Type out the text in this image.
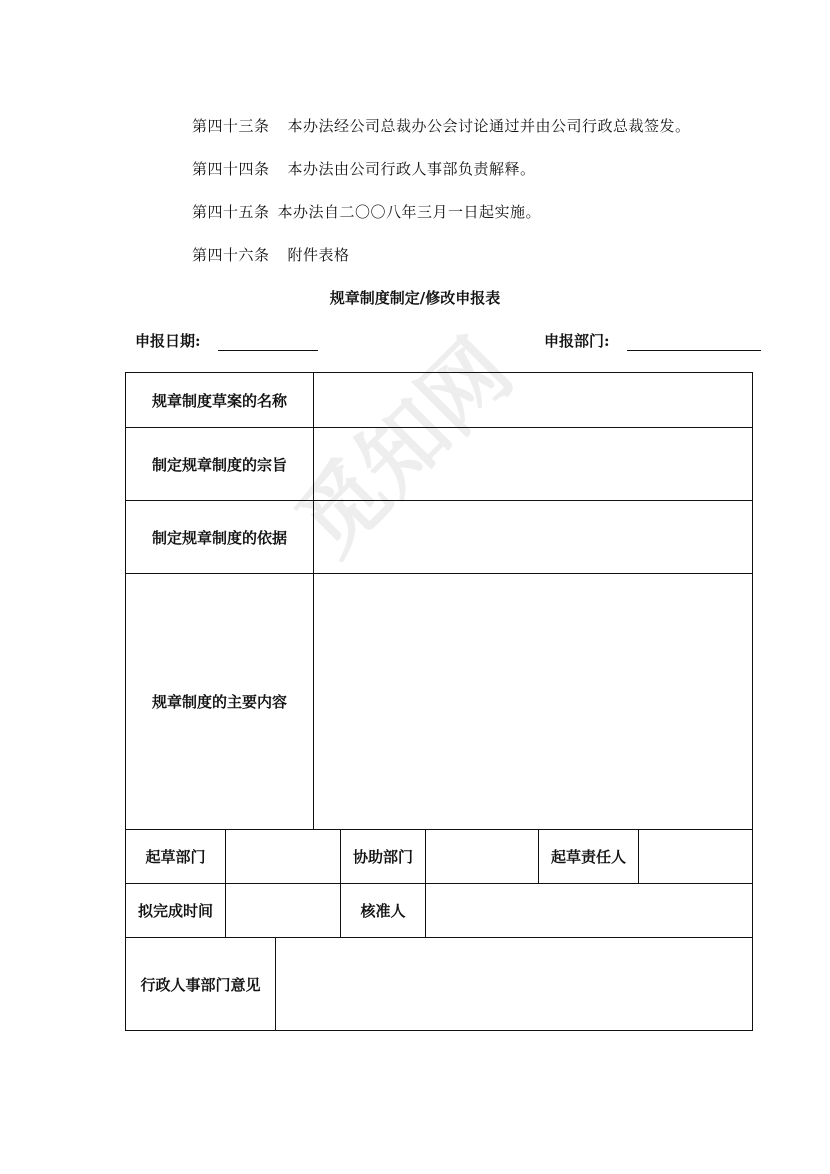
觅知网
第四十三条 本办法经公司总裁办公会讨论通过并由公司行政总裁签发。
第四十四条 本办法由公司行政人事部负责解释。
第四十五条 本办法自二〇〇八年三月一日起实施。
第四十六条 附件表格
规章制度制定/修改申报表
申报日期:	申报部门:
规章制度草案的名称
制定规章制度的宗旨
制定规章制度的依据
规章制度的主要内容
起草部门	协助部门	起草责任人
拟完成时间	核准人
行政人事部门意见
